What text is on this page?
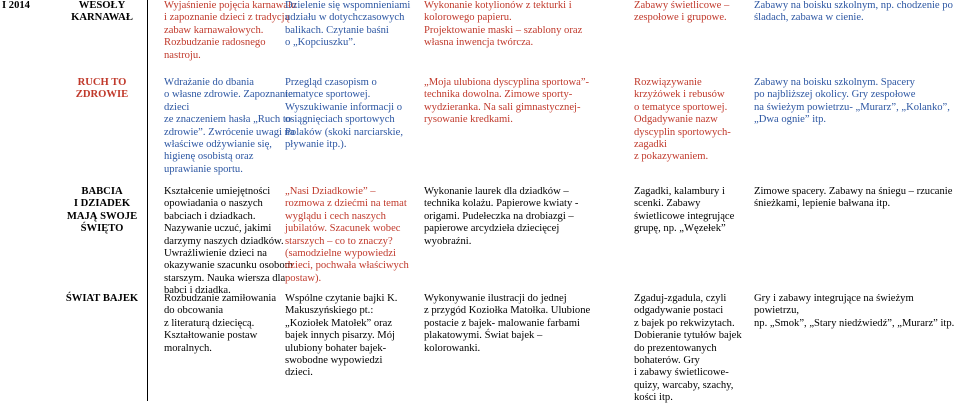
I 2014	WESOŁY
KARNAWAŁ
Wyjaśnienie pojęcia karnawału
i zapoznanie dzieci z tradycją
zabaw karnawałowych.
Rozbudzanie radosnego
nastroju.
Dzielenie się wspomnieniami
udziału w dotychczasowych
balikach. Czytanie baśni
o „Kopciuszku”.
Wykonanie kotylionów z tekturki i
kolorowego papieru.
Projektowanie maski – szablony oraz
własna inwencja twórcza.
Zabawy świetlicowe –
zespołowe i grupowe.
Zabawy na boisku szkolnym, np. chodzenie po
śladach, zabawa w cienie.
RUCH TO
ZDROWIE
Wdrażanie do dbania
o własne zdrowie. Zapoznanie
dzieci
ze znaczeniem hasła „Ruch to
zdrowie”. Zwrócenie uwagi na
właściwe odżywianie się,
higienę osobistą oraz
uprawianie sportu.
Przegląd czasopism o
tematyce sportowej.
Wyszukiwanie informacji o
osiągnięciach sportowych
Polaków (skoki narciarskie,
pływanie itp.).
„Moja ulubiona dyscyplina sportowa”-
technika dowolna. Zimowe sporty-
wydzieranka. Na sali gimnastycznej-
rysowanie kredkami.
Rozwiązywanie
krzyżówek i rebusów
o tematyce sportowej.
Odgadywanie nazw
dyscyplin sportowych-
zagadki
z pokazywaniem.
Zabawy na boisku szkolnym. Spacery
po najbliższej okolicy. Gry zespołowe
na świeżym powietrzu- „Murarz”, „Kolanko”,
„Dwa ognie” itp.
BABCIA
I DZIADEK
MAJĄ SWOJE
ŚWIĘTO
Kształcenie umiejętności
opowiadania o naszych
babciach i dziadkach.
Nazywanie uczuć, jakimi
darzymy naszych dziadków.
Uwrażliwienie dzieci na
okazywanie szacunku osobom
starszym. Nauka wiersza dla
babci i dziadka.
„Nasi Dziadkowie” –
rozmowa z dziećmi na temat
wyglądu i cech naszych
jubilatów. Szacunek wobec
starszych – co to znaczy?
(samodzielne wypowiedzi
dzieci, pochwała właściwych
postaw).
Wykonanie laurek dla dziadków –
technika kolażu. Papierowe kwiaty -
origami. Pudełeczka na drobiazgi –
papierowe arcydzieła dziecięcej
wyobraźni.
Zagadki, kalambury i
scenki. Zabawy
świetlicowe integrujące
grupę, np. „Węzełek”
Zimowe spacery. Zabawy na śniegu – rzucanie
śnieżkami, lepienie bałwana itp.
ŚWIAT BAJEK	Rozbudzanie zamiłowania
do obcowania
z literaturą dziecięcą.
Kształtowanie postaw
moralnych.
Wspólne czytanie bajki K.
Makuszyńskiego pt.:
„Koziołek Matołek” oraz
bajek innych pisarzy. Mój
ulubiony bohater bajek-
swobodne wypowiedzi
dzieci.
Wykonywanie ilustracji do jednej
z przygód Koziołka Matołka. Ulubione
postacie z bajek- malowanie farbami
plakatowymi. Świat bajek –
kolorowanki.
Zgaduj-zgadula, czyli
odgadywanie postaci
z bajek po rekwizytach.
Dobieranie tytułów bajek
do prezentowanych
bohaterów. Gry
i zabawy świetlicowe-
quizy, warcaby, szachy,
kości itp.
Gry i zabawy integrujące na świeżym powietrzu,
np. „Smok”, „Stary niedźwiedź”, „Murarz” itp.
